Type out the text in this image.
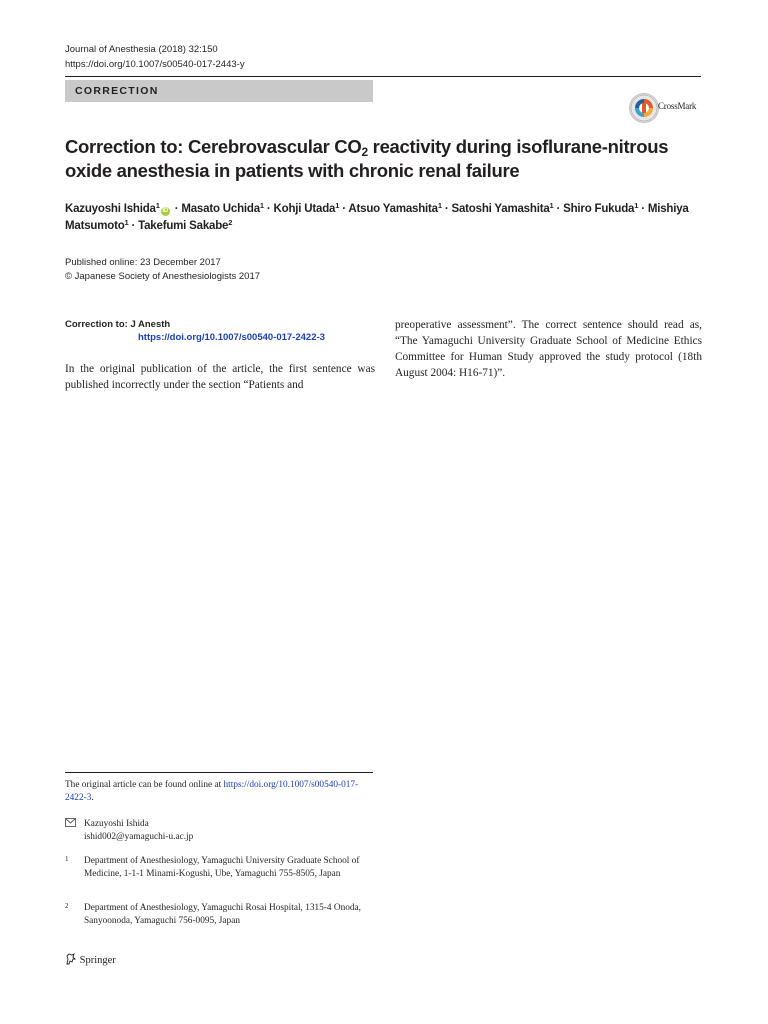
Journal of Anesthesia (2018) 32:150
https://doi.org/10.1007/s00540-017-2443-y
CORRECTION
CrossMark
Correction to: Cerebrovascular $CO_2$ reactivity during isoflurane-nitrous oxide anesthesia in patients with chronic renal failure
Kazuyoshi Ishida$^1$iD · Masato Uchida$^1$ · Kohji Utada$^1$ · Atsuo Yamashita$^1$ · Satoshi Yamashita$^1$ · Shiro Fukuda$^1$ · Mishiya Matsumoto$^1$ · Takefumi Sakabe$^2$
Published online: 23 December 2017
© Japanese Society of Anesthesiologists 2017
Correction to: J Anesth
https://doi.org/10.1007/s00540-017-2422-3
In the original publication of the article, the first sentence was published incorrectly under the section “Patients and
preoperative assessment”. The correct sentence should read as, “The Yamaguchi University Graduate School of Medicine Ethics Committee for Human Study approved the study protocol (18th August 2004: H16-71)”.
The original article can be found online at https://doi.org/10.1007/s00540-017-2422-3.
Kazuyoshi Ishida
ishid002@yamaguchi-u.ac.jp
1 Department of Anesthesiology, Yamaguchi University Graduate School of Medicine, 1-1-1 Minami-Kogushi, Ube, Yamaguchi 755-8505, Japan
2 Department of Anesthesiology, Yamaguchi Rosai Hospital, 1315-4 Onoda, Sanyoonoda, Yamaguchi 756-0095, Japan
Springer
